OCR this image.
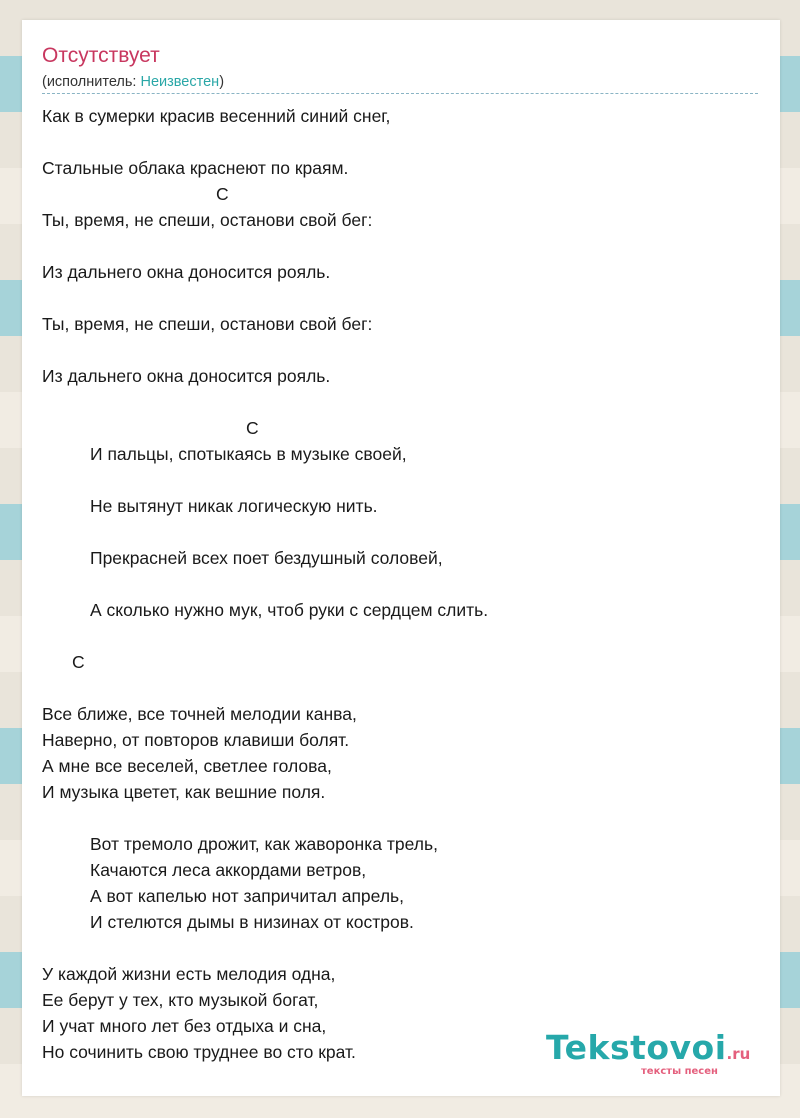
Отсутствует
(исполнитель: Неизвестен)
Как в сумерки красив весенний синий снег,
Стальные облака краснеют по краям.
C
Ты, время, не спеши, останови свой бег:
Из дальнего окна доносится рояль.
Ты, время, не спеши, останови свой бег:
Из дальнего окна доносится рояль.
C
И пальцы, спотыкаясь в музыке своей,
Не вытянут никак логическую нить.
Прекрасней всех поет бездушный соловей,
А сколько нужно мук, чтоб руки с сердцем слить.
C
Все ближе, все точней мелодии канва,
Наверно, от повторов клавиши болят.
А мне все веселей, светлее голова,
И музыка цветет, как вешние поля.
Вот тремоло дрожит, как жаворонка трель,
Качаются леса аккордами ветров,
А вот капелью нот запричитал апрель,
И стелются дымы в низинах от костров.
У каждой жизни есть мелодия одна,
Ее берут у тех, кто музыкой богат,
И учат много лет без отдыха и сна,
Но сочинить свою труднее во сто крат.	Tekstovoi.ru
тексты песен
